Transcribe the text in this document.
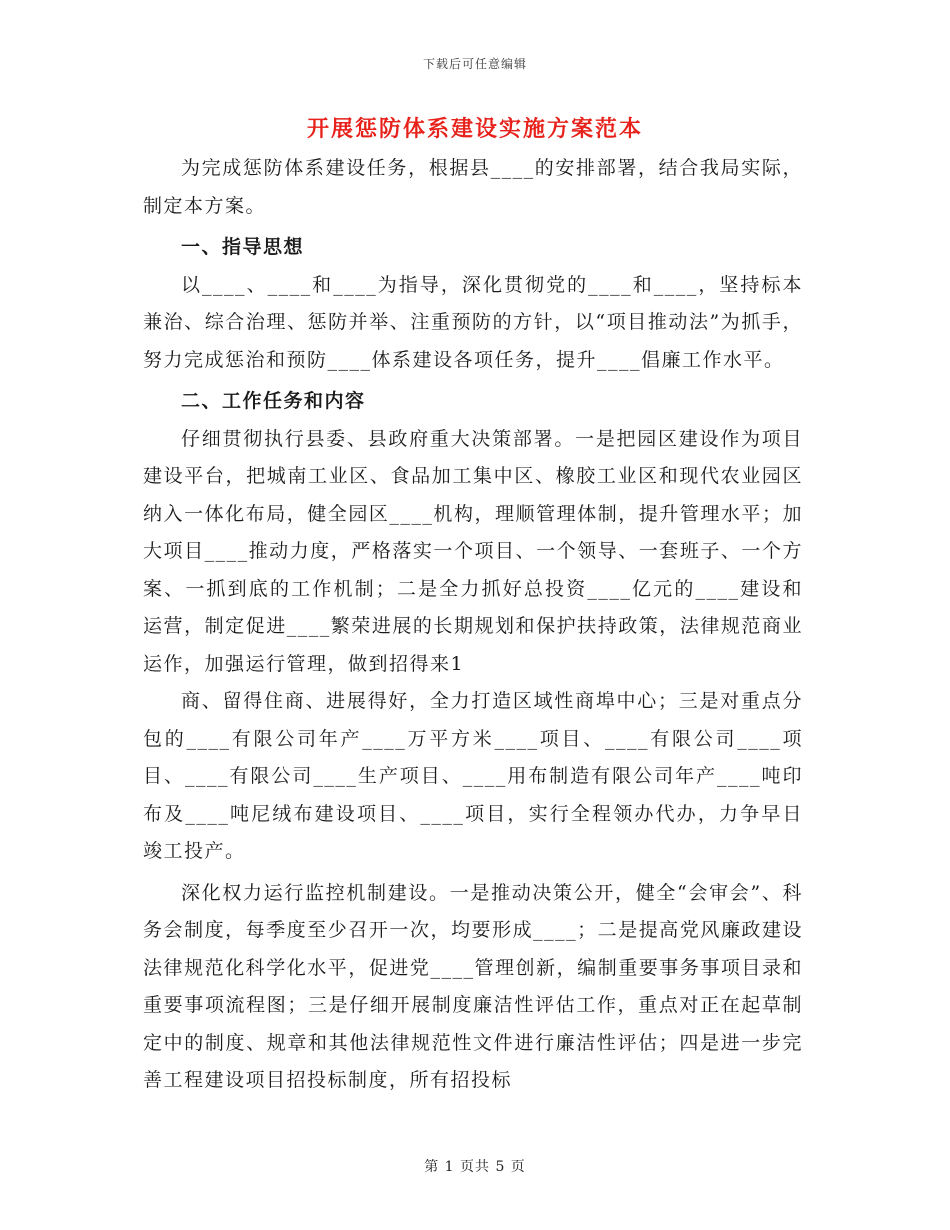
下载后可任意编辑
开展惩防体系建设实施方案范本

为完成惩防体系建设任务，根据县____的安排部署，结合我局实际，制定本方案。

一、指导思想

以____、____和____为指导，深化贯彻党的____和____，坚持标本兼治、综合治理、惩防并举、注重预防的方针，以“项目推动法”为抓手，努力完成惩治和预防____体系建设各项任务，提升____倡廉工作水平。

二、工作任务和内容

仔细贯彻执行县委、县政府重大决策部署。一是把园区建设作为项目建设平台，把城南工业区、食品加工集中区、橡胶工业区和现代农业园区纳入一体化布局，健全园区____机构，理顺管理体制，提升管理水平；加大项目____推动力度，严格落实一个项目、一个领导、一套班子、一个方案、一抓到底的工作机制；二是全力抓好总投资____亿元的____建设和运营，制定促进____繁荣进展的长期规划和保护扶持政策，法律规范商业运作，加强运行管理，做到招得来1

商、留得住商、进展得好，全力打造区域性商埠中心；三是对重点分包的____有限公司年产____万平方米____项目、____有限公司____项目、____有限公司____生产项目、____用布制造有限公司年产____吨印布及____吨尼绒布建设项目、____项目，实行全程领办代办，力争早日竣工投产。

深化权力运行监控机制建设。一是推动决策公开，健全“会审会”、科务会制度，每季度至少召开一次，均要形成____；二是提高党风廉政建设法律规范化科学化水平，促进党____管理创新，编制重要事务事项目录和重要事项流程图；三是仔细开展制度廉洁性评估工作，重点对正在起草制定中的制度、规章和其他法律规范性文件进行廉洁性评估；四是进一步完善工程建设项目招投标制度，所有招投标

第 1 页共 5 页
